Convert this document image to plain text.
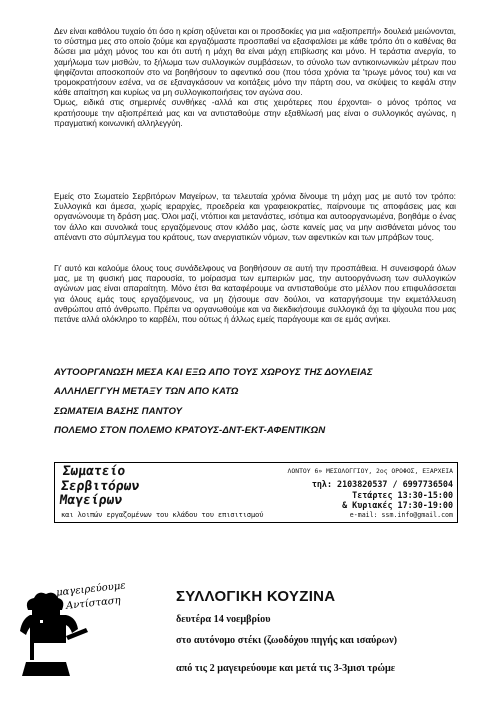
Δεν είναι καθόλου τυχαίο ότι όσο η κρίση οξύνεται και οι προσδοκίες για μια «αξιοπρεπή» δουλειά μειώνονται, το σύστημα μες στο οποίο ζούμε και εργαζόμαστε προσπαθεί να εξασφαλίσει με κάθε τρόπο ότι ο καθένας θα δώσει μια μάχη μόνος του και ότι αυτή η μάχη θα είναι μάχη επιβίωσης και μόνο. Η τεράστια ανεργία, το χαμήλωμα των μισθών, το ξήλωμα των συλλογικών συμβάσεων, το σύνολο των αντικοινωνικών μέτρων που ψηφίζονται αποσκοπούν στο να βοηθήσουν το αφεντικό σου (που τόσα χρόνια τα 'τρωγε μόνος του) και να τρομοκρατήσουν εσένα, να σε εξαναγκάσουν να κοιτάξεις μόνο την πάρτη σου, να σκύψεις το κεφάλι στην κάθε απαίτηση και κυρίως να μη συλλογικοποιήσεις τον αγώνα σου.
Όμως, ειδικά στις σημερινές συνθήκες -αλλά και στις χειρότερες που έρχονται- ο μόνος τρόπος να κρατήσουμε την αξιοπρέπειά μας και να αντισταθούμε στην εξαθλίωσή μας είναι ο συλλογικός αγώνας, η πραγματική κοινωνική αλληλεγγύη.

Εμείς στο Σωματείο Σερβιτόρων Μαγείρων, τα τελευταία χρόνια δίνουμε τη μάχη μας με αυτό τον τρόπο: Συλλογικά και άμεσα, χωρίς ιεραρχίες, προεδρεία και γραφειοκρατίες, παίρνουμε τις αποφάσεις μας και οργανώνουμε τη δράση μας. Όλοι μαζί, ντόπιοι και μετανάστες, ισότιμα και αυτοοργανωμένα, βοηθάμε ο ένας τον άλλο και συνολικά τους εργαζόμενους στον κλάδο μας, ώστε κανείς μας να μην αισθάνεται μόνος του απέναντι στο σύμπλεγμα του κράτους, των ανεργιατικών νόμων, των αφεντικών και των μπράβων τους.

Γι' αυτό και καλούμε όλους τους συνάδελφους να βοηθήσουν σε αυτή την προσπάθεια. Η συνεισφορά όλων μας, με τη φυσική μας παρουσία, το μοίρασμα των εμπειριών μας, την αυτοοργάνωση των συλλογικών αγώνων μας είναι απαραίτητη. Μόνο έτσι θα καταφέρουμε να αντισταθούμε στο μέλλον που επιφυλάσσεται για όλους εμάς τους εργαζόμενους, να μη ζήσουμε σαν δούλοι, να καταργήσουμε την εκμετάλλευση ανθρώπου από άνθρωπο. Πρέπει να οργανωθούμε και να διεκδικήσουμε συλλογικά όχι τα ψίχουλα που μας πετάνε αλλά ολόκληρο το καρβέλι, που ούτως ή άλλως εμείς παράγουμε και σε εμάς ανήκει.

ΑΥΤΟΟΡΓΑΝΩΣΗ ΜΕΣΑ ΚΑΙ ΕΞΩ ΑΠΟ ΤΟΥΣ ΧΩΡΟΥΣ ΤΗΣ ΔΟΥΛΕΙΑΣ
ΑΛΛΗΛΕΓΓΥΗ ΜΕΤΑΞΥ ΤΩΝ ΑΠΟ ΚΑΤΩ
ΣΩΜΑΤΕΙΑ ΒΑΣΗΣ ΠΑΝΤΟΥ
ΠΟΛΕΜΟ ΣΤΟΝ ΠΟΛΕΜΟ ΚΡΑΤΟΥΣ-ΔΝΤ-ΕΚΤ-ΑΦΕΝΤΙΚΩΝ
Σωματείο
Σερβιτόρων
Μαγείρων
και λοιπών εργαζομένων του κλάδου του επισιτισμού
ΛΟΝΤΟΥ 6» ΜΕΣΟΛΟΓΓΙΟΥ, 2ος ΟΡΟΦΟΣ, ΕΞΑΡΧΕΙΑ
τηλ: 2103820537 / 6997736504
Τετάρτες 13:30-15:00
& Κυριακές 17:30-19:00
e-mail: ssm.info@gmail.com
μαγειρεύουμε
Αντίσταση	ΣΥΛΛΟΓΙΚΗ ΚΟΥΖΙΝΑ
δευτέρα 14 νοεμβρίου
στο αυτόνομο στέκι (ζωοδόχου πηγής και ισαύρων)
από τις 2 μαγειρεύουμε και μετά τις 3-3μισι τρώμε
